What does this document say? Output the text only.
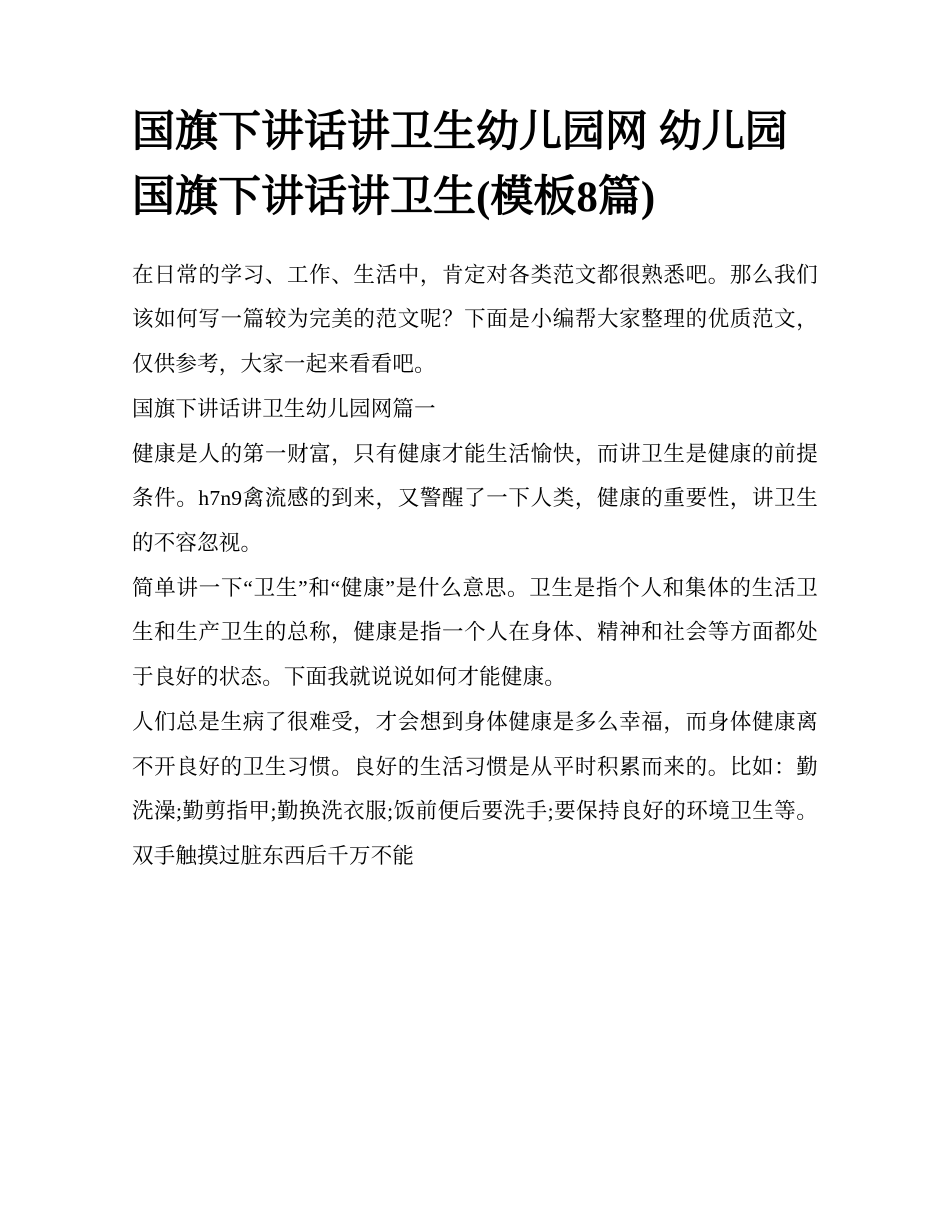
国旗下讲话讲卫生幼儿园网 幼儿园国旗下讲话讲卫生(模板8篇)

在日常的学习、工作、生活中，肯定对各类范文都很熟悉吧。那么我们该如何写一篇较为完美的范文呢？下面是小编帮大家整理的优质范文，仅供参考，大家一起来看看吧。

国旗下讲话讲卫生幼儿园网篇一

健康是人的第一财富，只有健康才能生活愉快，而讲卫生是健康的前提条件。h7n9禽流感的到来，又警醒了一下人类，健康的重要性，讲卫生的不容忽视。

简单讲一下“卫生”和“健康”是什么意思。卫生是指个人和集体的生活卫生和生产卫生的总称，健康是指一个人在身体、精神和社会等方面都处于良好的状态。下面我就说说如何才能健康。

人们总是生病了很难受，才会想到身体健康是多么幸福，而身体健康离不开良好的卫生习惯。良好的生活习惯是从平时积累而来的。比如：勤洗澡;勤剪指甲;勤换洗衣服;饭前便后要洗手;要保持良好的环境卫生等。双手触摸过脏东西后千万不能
